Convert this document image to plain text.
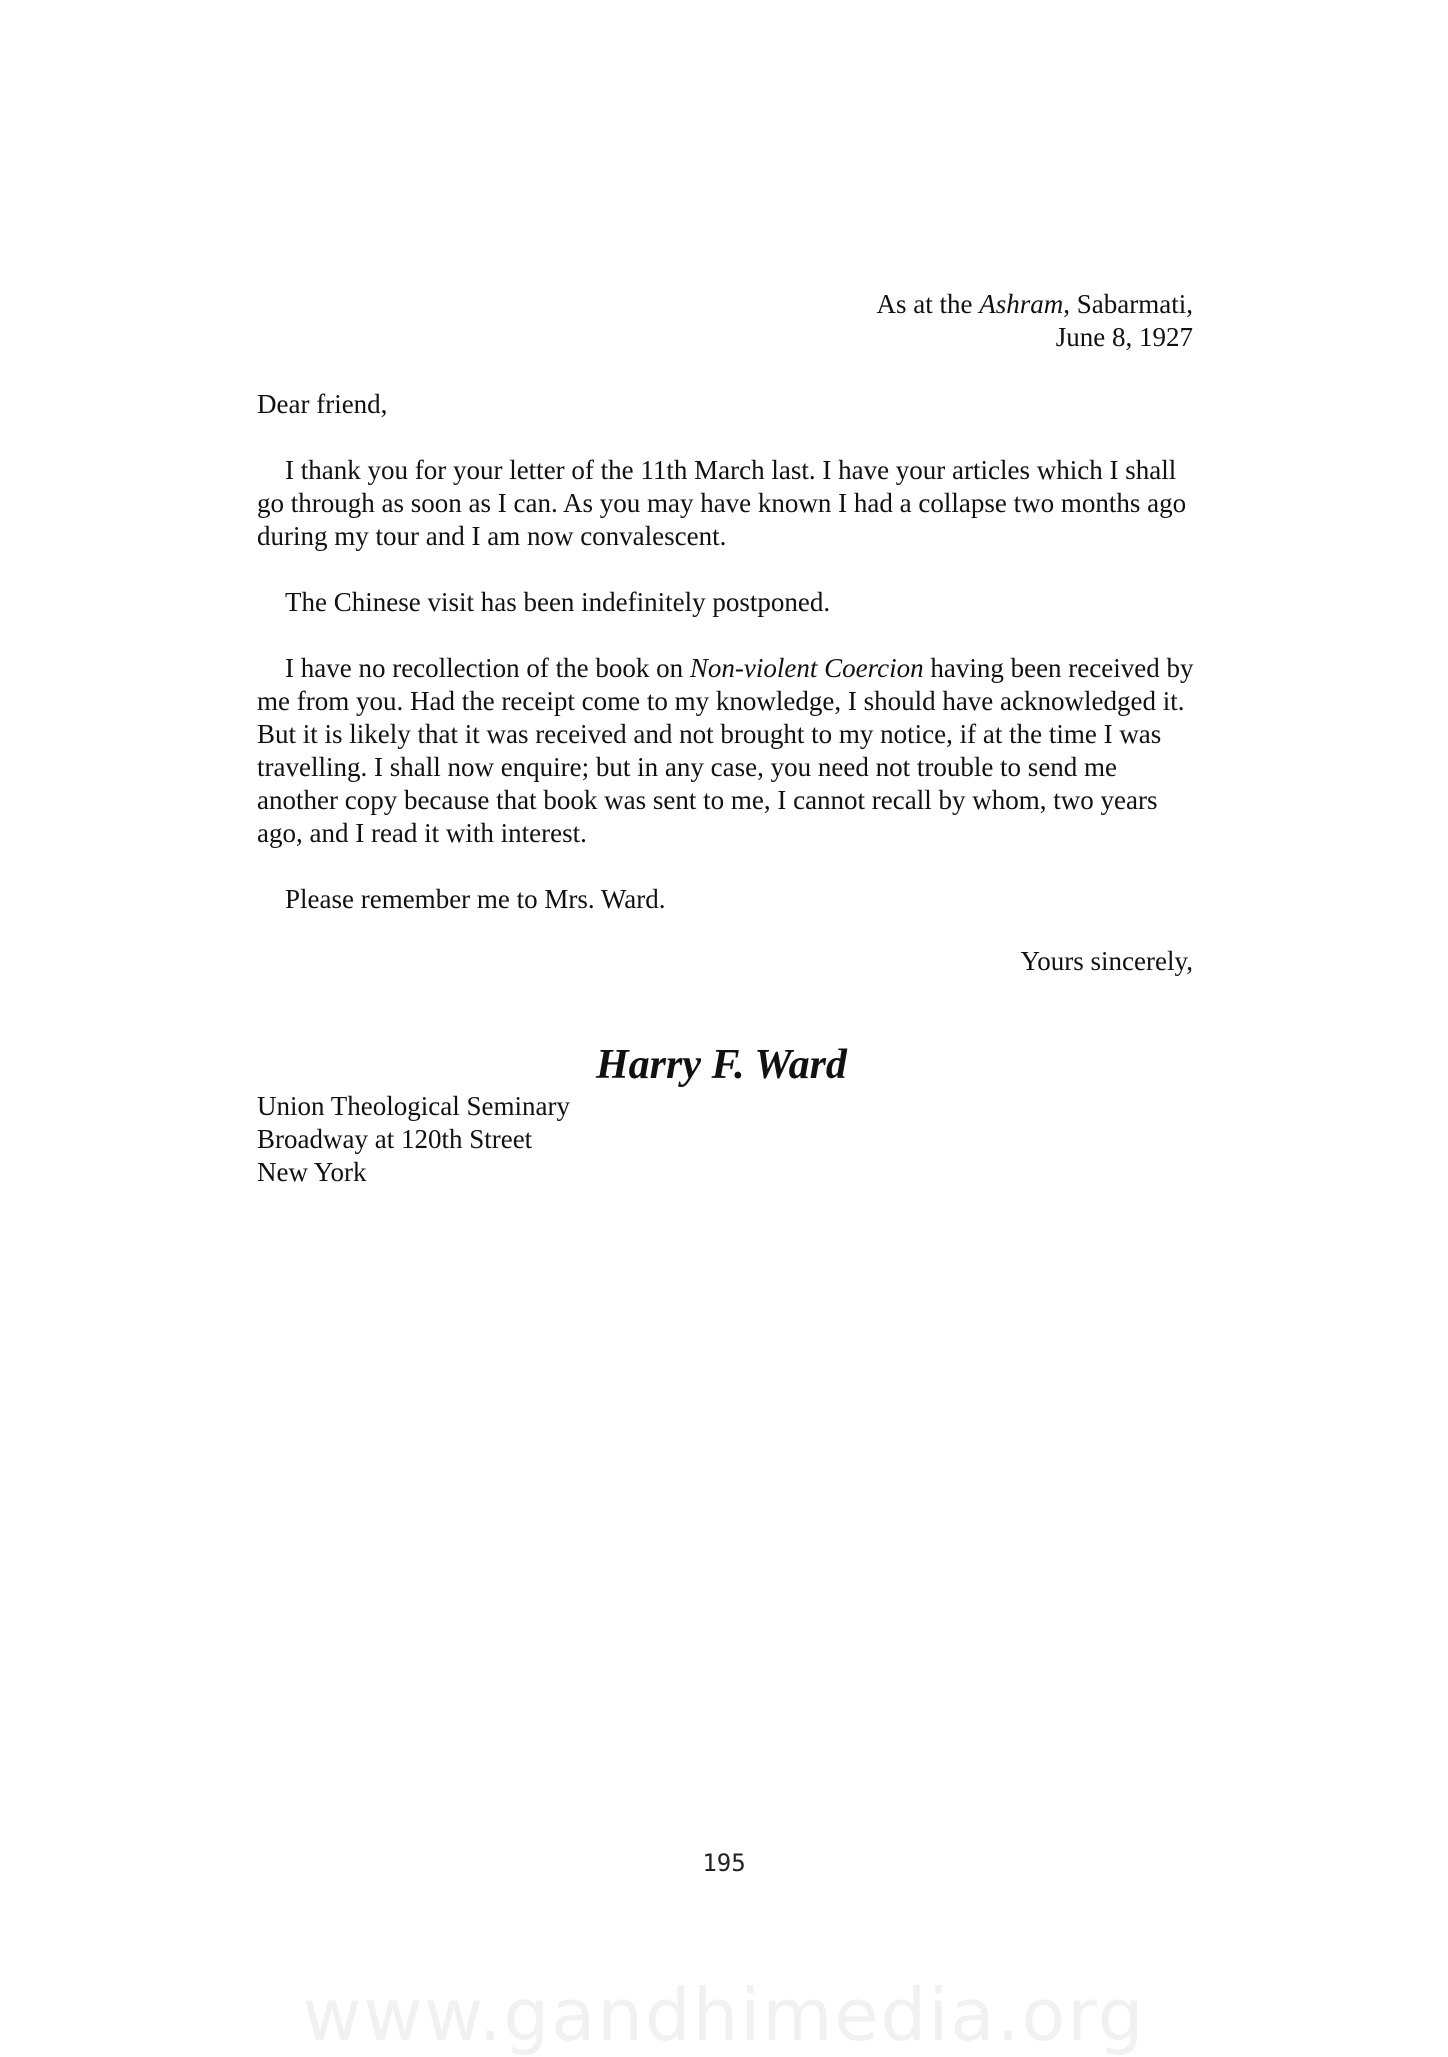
As at the Ashram, Sabarmati,
June 8, 1927
Dear friend,

I thank you for your letter of the 11th March last. I have your articles which I shall go through as soon as I can. As you may have known I had a collapse two months ago during my tour and I am now convalescent.

The Chinese visit has been indefinitely postponed.

I have no recollection of the book on Non-violent Coercion having been received by me from you. Had the receipt come to my knowledge, I should have acknowledged it. But it is likely that it was received and not brought to my notice, if at the time I was travelling. I shall now enquire; but in any case, you need not trouble to send me another copy because that book was sent to me, I cannot recall by whom, two years ago, and I read it with interest.

Please remember me to Mrs. Ward.

Yours sincerely,
Harry F. Ward
Union Theological Seminary
Broadway at 120th Street
New York
195
www.gandhimedia.org
